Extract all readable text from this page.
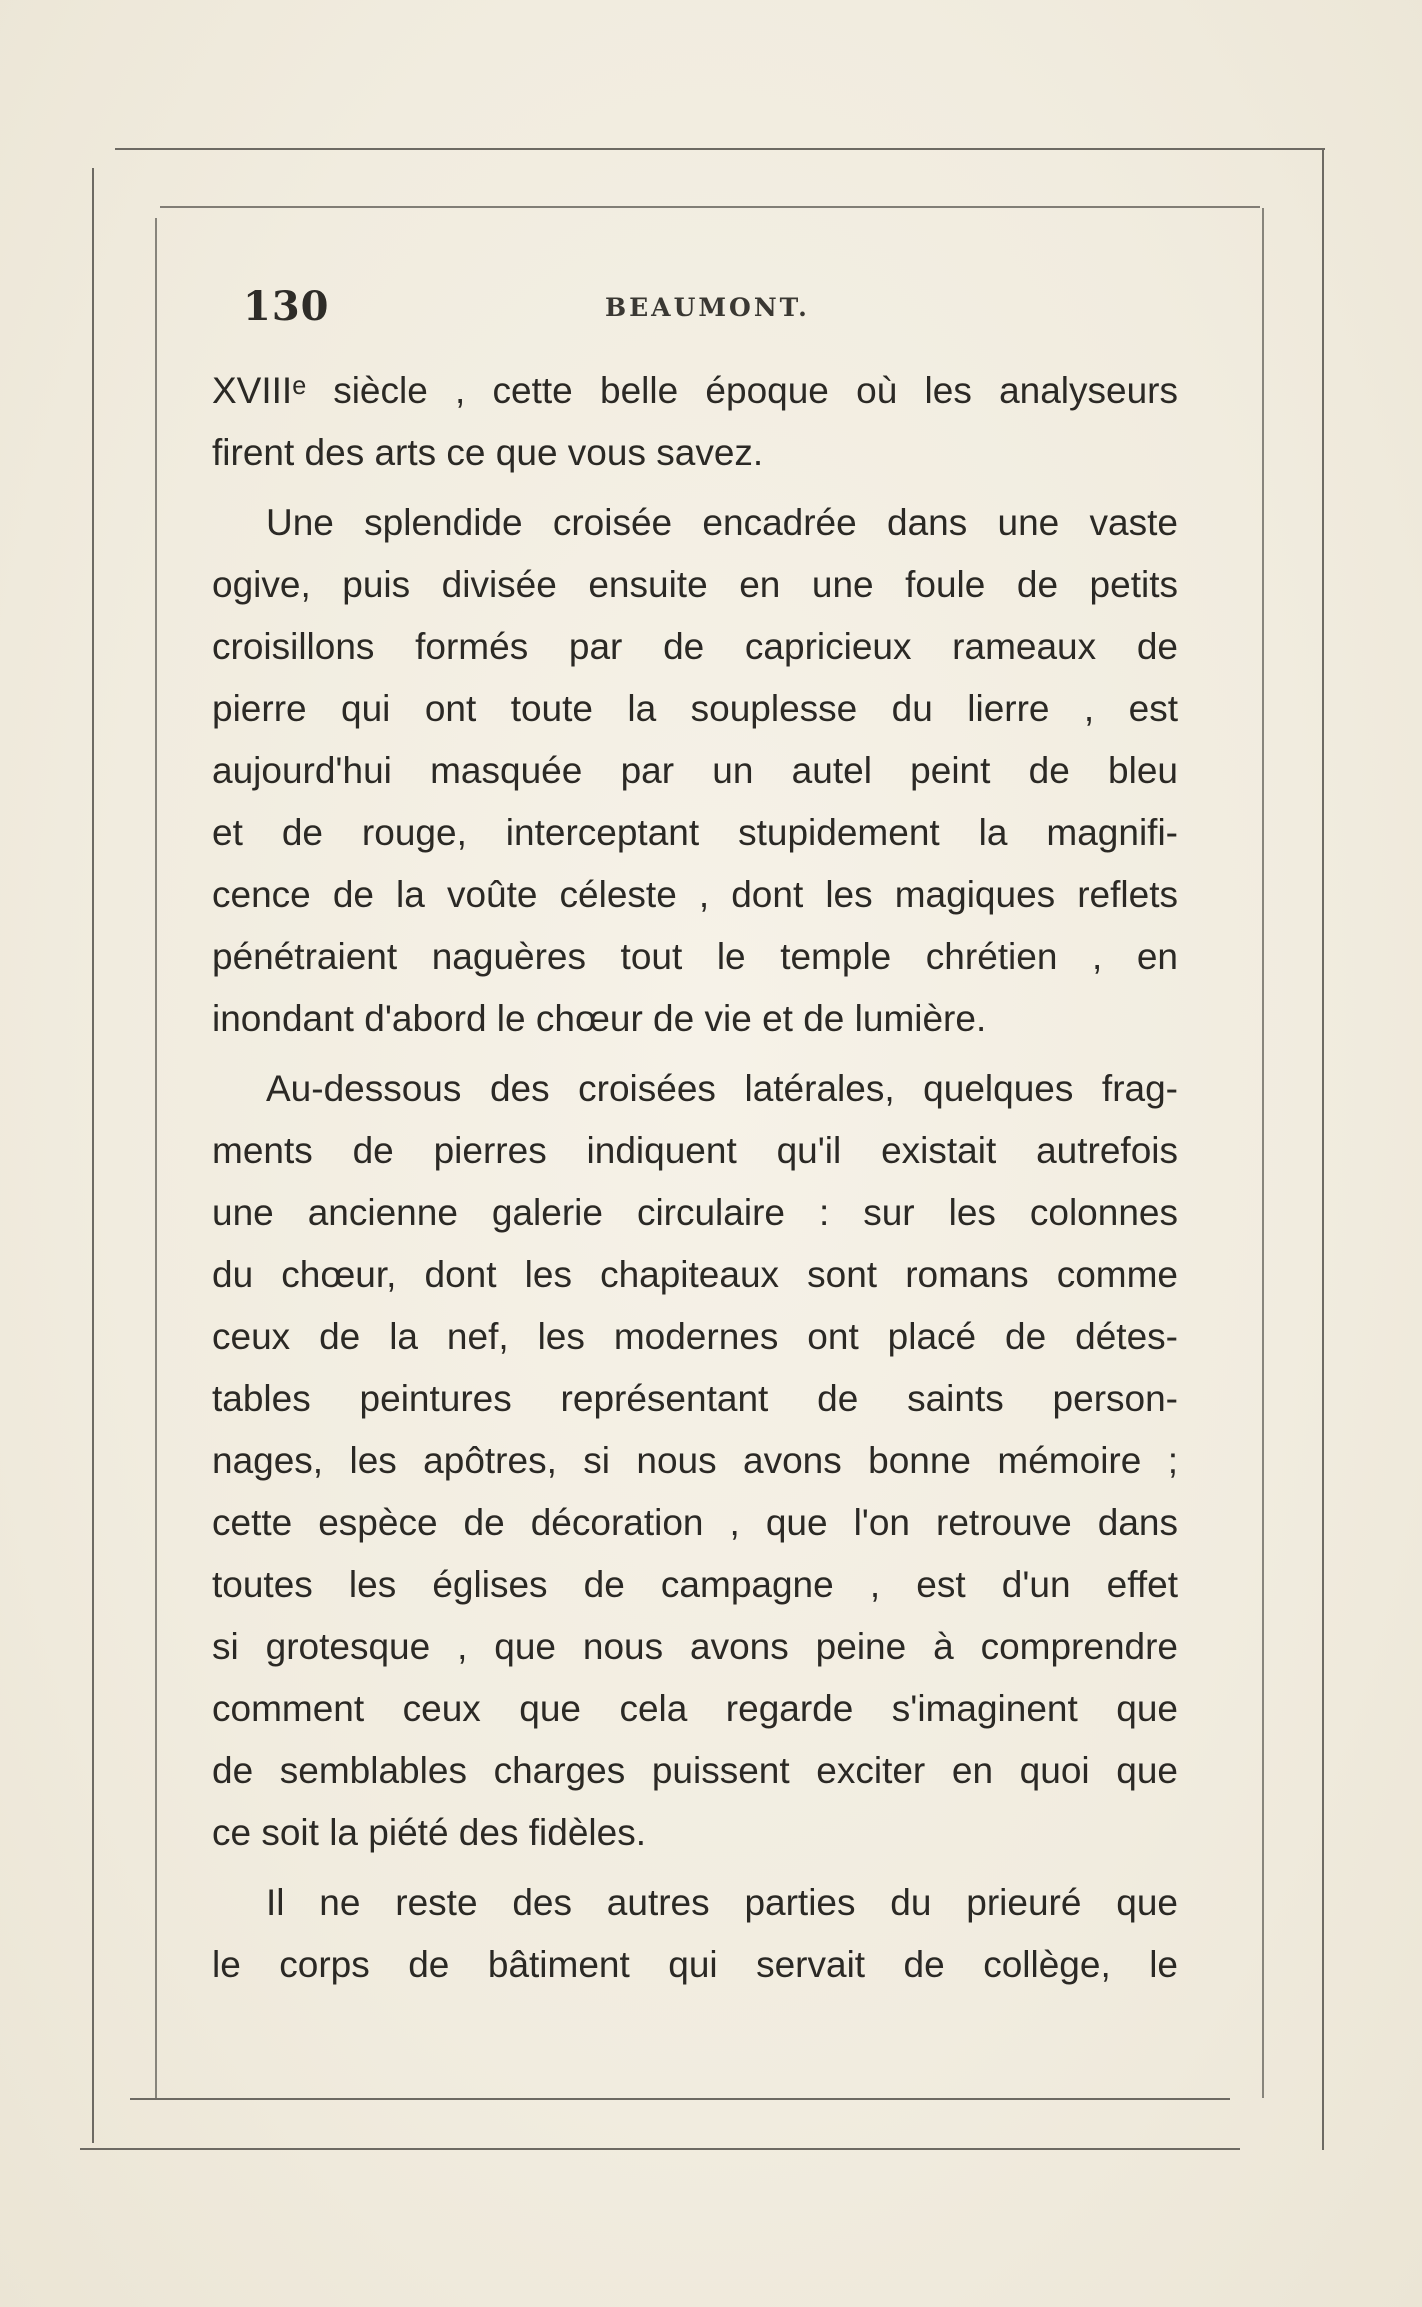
130	BEAUMONT.
XVIIIᵉ siècle , cette belle époque où les analyseurs
firent des arts ce que vous savez.
Une splendide croisée encadrée dans une vaste
ogive, puis divisée ensuite en une foule de petits
croisillons formés par de capricieux rameaux de
pierre qui ont toute la souplesse du lierre , est
aujourd'hui masquée par un autel peint de bleu
et de rouge, interceptant stupidement la magnifi-
cence de la voûte céleste , dont les magiques reflets
pénétraient naguères tout le temple chrétien , en
inondant d'abord le chœur de vie et de lumière.
Au-dessous des croisées latérales, quelques frag-
ments de pierres indiquent qu'il existait autrefois
une ancienne galerie circulaire : sur les colonnes
du chœur, dont les chapiteaux sont romans comme
ceux de la nef, les modernes ont placé de détes-
tables peintures représentant de saints person-
nages, les apôtres, si nous avons bonne mémoire ;
cette espèce de décoration , que l'on retrouve dans
toutes les églises de campagne , est d'un effet
si grotesque , que nous avons peine à comprendre
comment ceux que cela regarde s'imaginent que
de semblables charges puissent exciter en quoi que
ce soit la piété des fidèles.
Il ne reste des autres parties du prieuré que
le corps de bâtiment qui servait de collège, le
